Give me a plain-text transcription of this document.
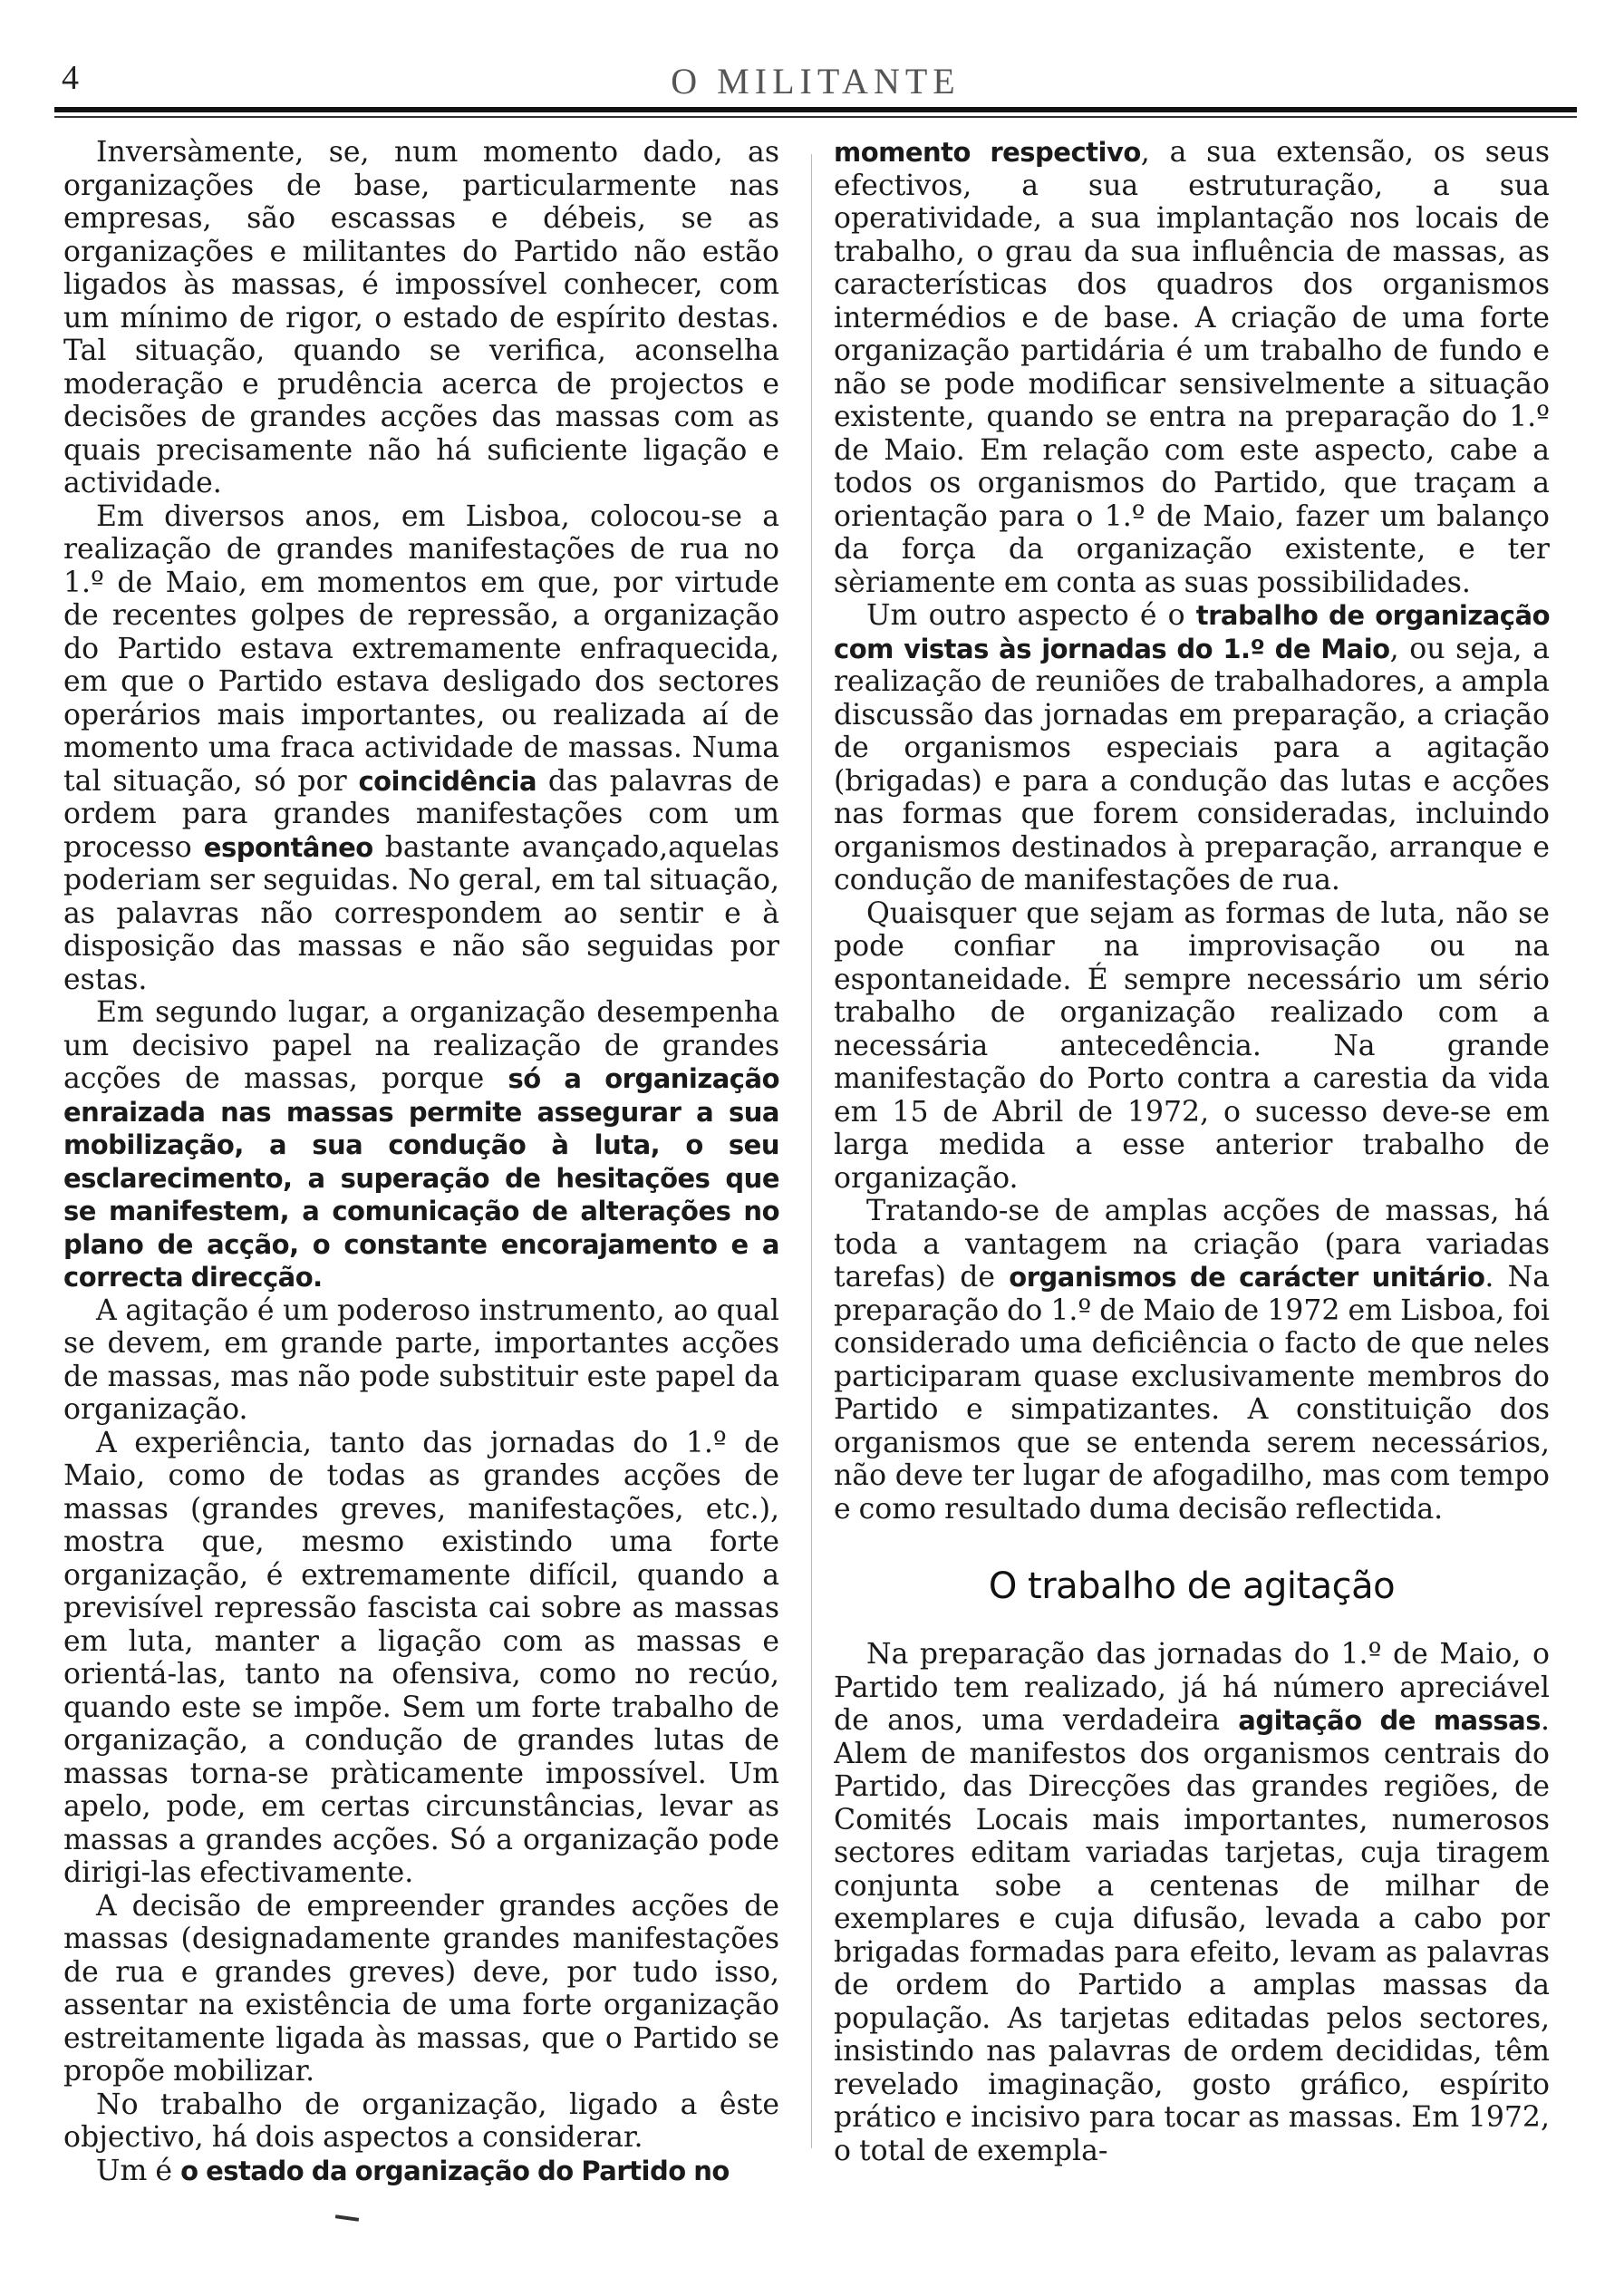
4	O MILITANTE

Inversàmente, se, num momento dado, as organizações de base, particularmente nas empresas, são escassas e débeis, se as organizações e militantes do Partido não estão ligados às massas, é impossível conhecer, com um mínimo de rigor, o estado de espírito destas. Tal situação, quando se verifica, aconselha moderação e prudência acerca de projectos e decisões de grandes acções das massas com as quais precisamente não há suficiente ligação e actividade.

Em diversos anos, em Lisboa, colocou-se a realização de grandes manifestações de rua no 1.º de Maio, em momentos em que, por virtude de recentes golpes de repressão, a organização do Partido estava extremamente enfraquecida, em que o Partido estava desligado dos sectores operários mais importantes, ou realizada aí de momento uma fraca actividade de massas. Numa tal situação, só por coincidência das palavras de ordem para grandes manifestações com um processo espontâneo bastante avançado,aquelas poderiam ser seguidas. No geral, em tal situação, as palavras não correspondem ao sentir e à disposição das massas e não são seguidas por estas.

Em segundo lugar, a organização desempenha um decisivo papel na realização de grandes acções de massas, porque só a organização enraizada nas massas permite assegurar a sua mobilização, a sua condução à luta, o seu esclarecimento, a superação de hesitações que se manifestem, a comunicação de alterações no plano de acção, o constante encorajamento e a correcta direcção.

A agitação é um poderoso instrumento, ao qual se devem, em grande parte, importantes acções de massas, mas não pode substituir este papel da organização.

A experiência, tanto das jornadas do 1.º de Maio, como de todas as grandes acções de massas (grandes greves, manifestações, etc.), mostra que, mesmo existindo uma forte organização, é extremamente difícil, quando a previsível repressão fascista cai sobre as massas em luta, manter a ligação com as massas e orientá-las, tanto na ofensiva, como no recúo, quando este se impõe. Sem um forte trabalho de organização, a condução de grandes lutas de massas torna-se pràticamente impossível. Um apelo, pode, em certas circunstâncias, levar as massas a grandes acções. Só a organização pode dirigi-las efectivamente.

A decisão de empreender grandes acções de massas (designadamente grandes manifestações de rua e grandes greves) deve, por tudo isso, assentar na existência de uma forte organização estreitamente ligada às massas, que o Partido se propõe mobilizar.

No trabalho de organização, ligado a êste objectivo, há dois aspectos a considerar.

Um é o estado da organização do Partido no

momento respectivo, a sua extensão, os seus efectivos, a sua estruturação, a sua operatividade, a sua implantação nos locais de trabalho, o grau da sua influência de massas, as características dos quadros dos organismos intermédios e de base. A criação de uma forte organização partidária é um trabalho de fundo e não se pode modificar sensivelmente a situação existente, quando se entra na preparação do 1.º de Maio. Em relação com este aspecto, cabe a todos os organismos do Partido, que traçam a orientação para o 1.º de Maio, fazer um balanço da força da organização existente, e ter sèriamente em conta as suas possibilidades.

Um outro aspecto é o trabalho de organização com vistas às jornadas do 1.º de Maio, ou seja, a realização de reuniões de trabalhadores, a ampla discussão das jornadas em preparação, a criação de organismos especiais para a agitação (brigadas) e para a condução das lutas e acções nas formas que forem consideradas, incluindo organismos destinados à preparação, arranque e condução de manifestações de rua.

Quaisquer que sejam as formas de luta, não se pode confiar na improvisação ou na espontaneidade. É sempre necessário um sério trabalho de organização realizado com a necessária antecedência. Na grande manifestação do Porto contra a carestia da vida em 15 de Abril de 1972, o sucesso deve-se em larga medida a esse anterior trabalho de organização.

Tratando-se de amplas acções de massas, há toda a vantagem na criação (para variadas tarefas) de organismos de carácter unitário. Na preparação do 1.º de Maio de 1972 em Lisboa, foi considerado uma deficiência o facto de que neles participaram quase exclusivamente membros do Partido e simpatizantes. A constituição dos organismos que se entenda serem necessários, não deve ter lugar de afogadilho, mas com tempo e como resultado duma decisão reflectida.

O trabalho de agitação

Na preparação das jornadas do 1.º de Maio, o Partido tem realizado, já há número apreciável de anos, uma verdadeira agitação de massas. Alem de manifestos dos organismos centrais do Partido, das Direcções das grandes regiões, de Comités Locais mais importantes, numerosos sectores editam variadas tarjetas, cuja tiragem conjunta sobe a centenas de milhar de exemplares e cuja difusão, levada a cabo por brigadas formadas para efeito, levam as palavras de ordem do Partido a amplas massas da população. As tarjetas editadas pelos sectores, insistindo nas palavras de ordem decididas, têm revelado imaginação, gosto gráfico, espírito prático e incisivo para tocar as massas. Em 1972, o total de exempla-
